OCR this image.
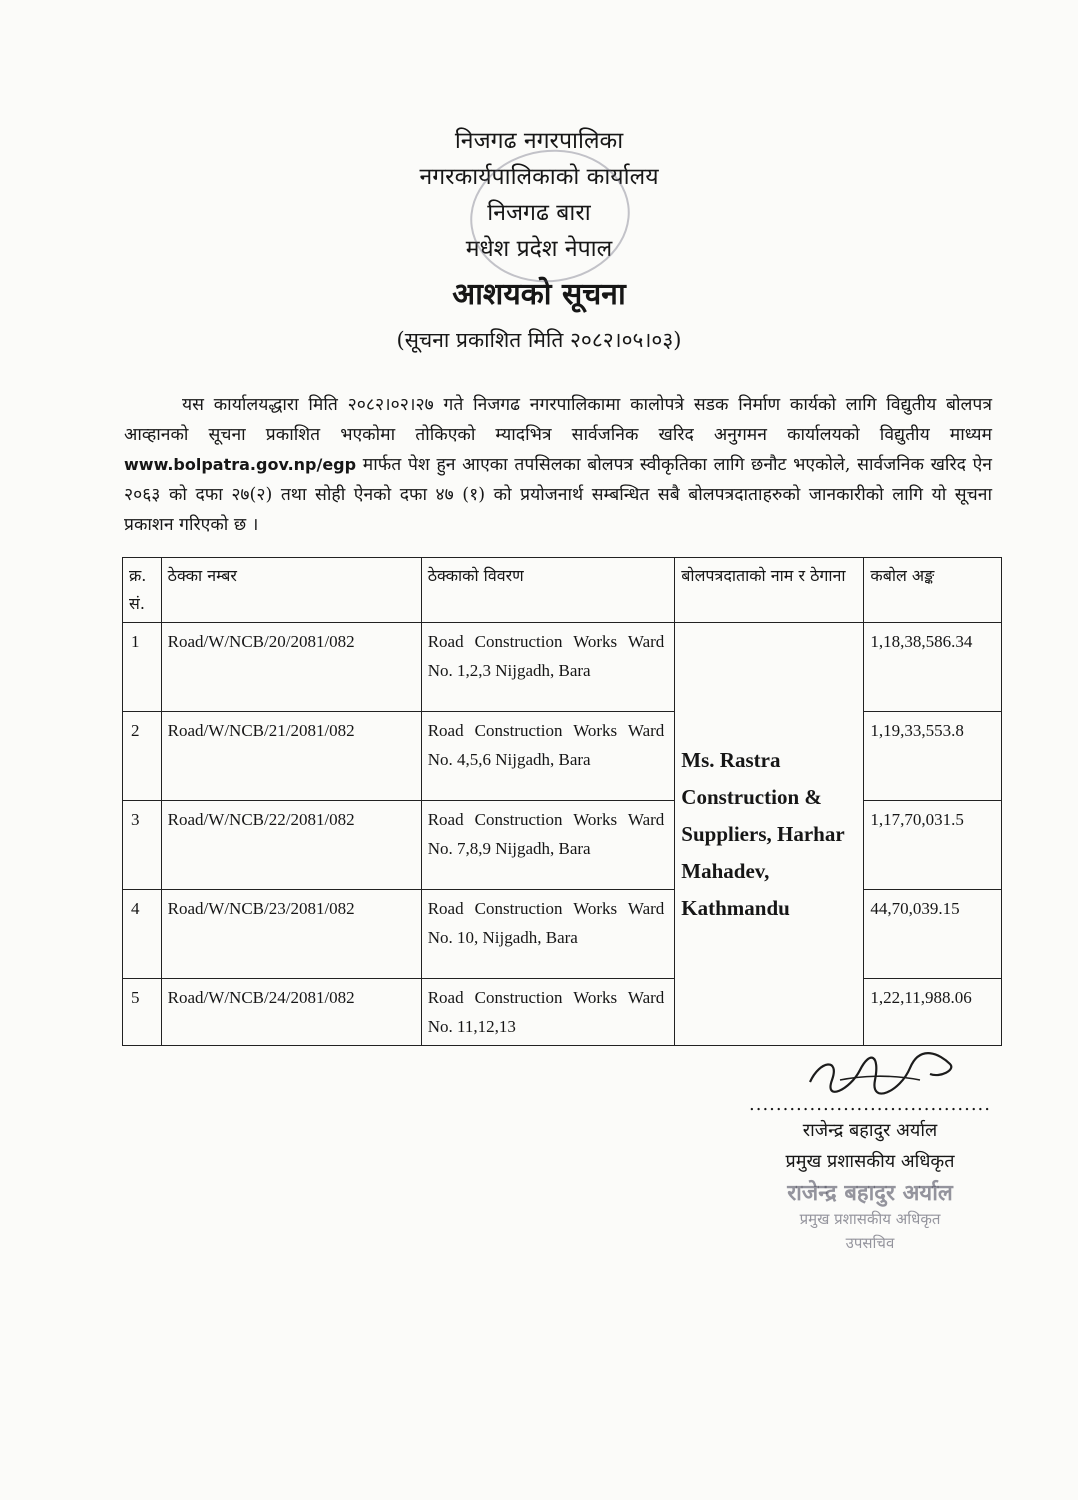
निजगढ नगरपालिका
नगरकार्यपालिकाको कार्यालय
निजगढ बारा
मधेश प्रदेश नेपाल
आशयको सूचना
(सूचना प्रकाशित मिति २०८२।०५।०३)

यस कार्यालयद्धारा मिति २०८२।०२।२७ गते निजगढ नगरपालिकामा कालोपत्रे सडक निर्माण कार्यको लागि विद्युतीय बोलपत्र आव्हानको सूचना प्रकाशित भएकोमा तोकिएको म्यादभित्र सार्वजनिक खरिद अनुगमन कार्यालयको विद्युतीय माध्यम www.bolpatra.gov.np/egp मार्फत पेश हुन आएका तपसिलका बोलपत्र स्वीकृतिका लागि छनौट भएकोले, सार्वजनिक खरिद ऐन २०६३ को दफा २७(२) तथा सोही ऐनको दफा ४७ (१) को प्रयोजनार्थ सम्बन्धित सबै बोलपत्रदाताहरुको जानकारीको लागि यो सूचना प्रकाशन गरिएको छ ।

क्र. सं.	ठेक्का नम्बर	ठेक्काको विवरण	बोलपत्रदाताको नाम र ठेगाना	कबोल अङ्क
1	Road/W/NCB/20/2081/082	Road Construction Works Ward No. 1,2,3 Nijgadh, Bara	Ms. Rastra Construction & Suppliers, Harhar Mahadev, Kathmandu	1,18,38,586.34
2	Road/W/NCB/21/2081/082	Road Construction Works Ward No. 4,5,6 Nijgadh, Bara		1,19,33,553.8
3	Road/W/NCB/22/2081/082	Road Construction Works Ward No. 7,8,9 Nijgadh, Bara		1,17,70,031.5
4	Road/W/NCB/23/2081/082	Road Construction Works Ward No. 10, Nijgadh, Bara		44,70,039.15
5	Road/W/NCB/24/2081/082	Road Construction Works Ward No. 11,12,13		1,22,11,988.06
....................................
राजेन्द्र बहादुर अर्याल
प्रमुख प्रशासकीय अधिकृत
राजेन्द्र बहादुर अर्याल
प्रमुख प्रशासकीय अधिकृत
उपसचिव
